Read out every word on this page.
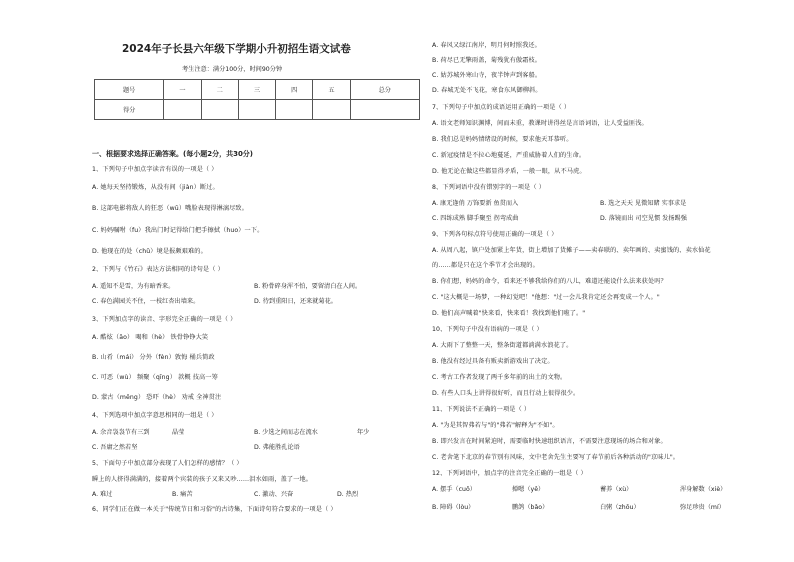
2024年子长县六年级下学期小升初招生语文试卷
考生注意：满分100分，时间90分钟
题号	一	二	三	四	五	总分
得分						
一、根据要求选择正确答案。(每小题2分，共30分)
1、下列句子中加点字读音有误的一项是（ ）
A. 她每天坚持锻炼，从没有间（jiàn）断过。
B. 这部电影将敌人的狂恶（wū）嘴脸表现得淋漓尽致。
C. 妈妈嘱咐（fu）我出门时记得给门把手擦拭（huo）一下。
D. 他现在的处（chǔ）境是报颇艰难的。
2、下列与《竹石》表达方法相同的诗句是（ ）
A. 遥知不是雪，为有暗香来。	B. 粉骨碎身浑不怕，要留清白在人间。
C. 春色满园关不住，一枝红杏出墙来。	D. 待到重阳日，还来就菊花。
3、下列加点字的读音、字形完全正确的一项是（ ）
A. 酷炫（āo） 喝和（hè） 铁骨铮铮大笑
B. 山肴（mái） 分外（fèn）敦悔 桶兵简政
C. 可恶（wù） 频聚（qīng） 款概 技高一筹
D. 蒙古（měng） 恐吓（hè） 劝戒 全神贯注
4、下列选项中加点字意思相同的一组是（ ）
A. 余音袅袅节有三到	晶莹	B. 少选之间而志在流水	年少
C. 吾庸之然若坚	D. 弗能胜孔论语
5、下面句子中加点部分表现了人们怎样的感情？（ ）
瞬上的人挤得满满的，接着两个宾装的孩子又来又吵……泪水如雨，盖了一地。
A. 难过	B. 痛苦	C. 激动、兴奋	D. 热烈
6、同学们正在做一本关于"传统节日和习俗"的古诗集，下面诗句符合要求的一项是（ ）
A. 春风又绿江南岸，明月何时照我还。
B. 荷尽已无擎雨盖，菊残犹有傲霜枝。
C. 姑苏城外寒山寺，夜半钟声到客船。
D. 春城无处不飞花，寒食东风御柳斜。
7、下列句子中加点的成语运用正确的一项是（ ）
A. 语文老师知识渊博，间而未重，教课时讲得丝是言语词语，让人受益匪浅。
B. 我们总是妈妈情绪设的时候，要求他天耳恭听。
C. 新冠疫情是不拉心地蔓延，严重威胁着人们的生命。
D. 他无论在做这些都显得矛盾，一般一眼，从不马虎。
8、下列词语中没有错别字的一项是（ ）
A. 康无逢俏 万饰要新 鱼贯而入	B. 选之天天 见微知睹 实事求是
C. 四练成熟 脚手聚至 拐弯成曲	D. 落镜而出 司空见惯 发扬踢强
9、下列各句标点符号使用正确的一项是（ ）
A. 从周八起，镇户处加紧上年货，街上增加了货摊子——卖春联的、卖年画的、卖蜜饯的、卖水仙花
的……都是只在这个季节才会出现的。
B. 你们想，妈妈的命令，看来还不够我给你们的八儿，难道还能设什么法来获处吗？
C. "这大概是一场梦，一种幻觉吧！"他想："过一会儿我肯定还会再变成一个人。"
D. 他们高声喊着"快来看，快来看！我找到他们啦了。"
10、下列句子中没有语病的一项是（ ）
A. 大雨下了整整一天，整条街道都淌满水浪花了。
B. 他没有经过具备有贩卖新游戏出了决定。
C. 考古工作者发现了两千多年前的出土的文物。
D. 有些人口头上讲得很好听，而且行动上很得很少。
11、下列说法不正确的一项是（ ）
A. "为是其智弗若与"的"弗若"解释为"不如"。
B. 即兴发言在时间紧迫时，需要临时快速组织语言，不需要注意现场的场合和对象。
C. 老舍笔下北京的春节别有风味，文中老舍先生主要写了春节前后各种活动的"京味儿"。
12、下列词语中，加点字的注音完全正确的一组是（ ）
A. 摆手（cuō）	掸嗯（yě）	蓄养（xù）	浑身解数（xiè）
B. 障碍（lòu）	鹏鸽（bǎo）	白粥（zhōu）	弥足珍贵（mí）
